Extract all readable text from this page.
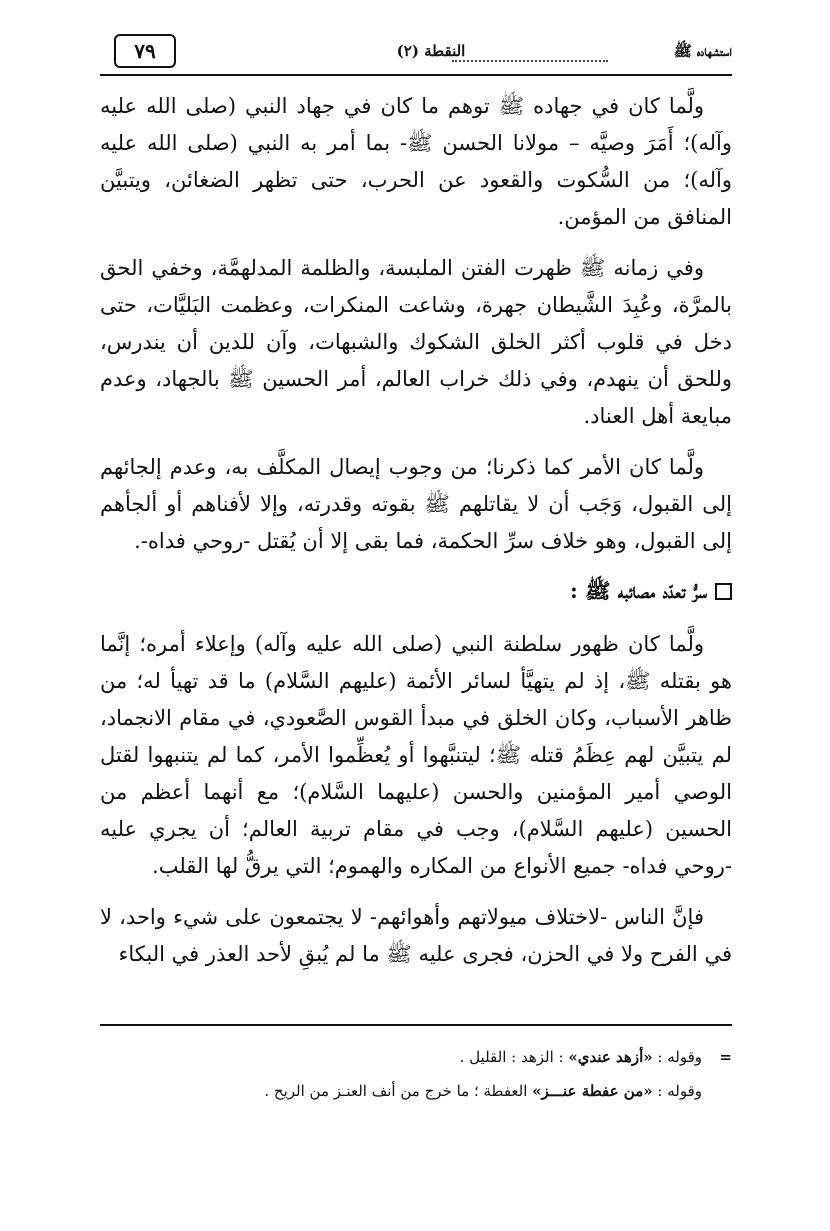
استشهاده ﷺ
النقطة (٢)
٧٩

ولَّما كان في جهاده ﷺ توهم ما كان في جهاد النبي (صلى الله عليه وآله)؛ أَمَرَ وصيَّه – مولانا الحسن ﷺ- بما أمر به النبي (صلى الله عليه وآله)؛ من السُّكوت والقعود عن الحرب، حتى تظهر الضغائن، ويتبيَّن المنافق من المؤمن.

وفي زمانه ﷺ ظهرت الفتن الملبسة، والظلمة المدلهمَّة، وخفي الحق بالمرَّة، وعُبِدَ الشَّيطان جهرة، وشاعت المنكرات، وعظمت البَليَّات، حتى دخل في قلوب أكثر الخلق الشكوك والشبهات، وآن للدين أن يندرس، وللحق أن ينهدم، وفي ذلك خراب العالم، أمر الحسين ﷺ بالجهاد، وعدم مبايعة أهل العناد.

ولَّما كان الأمر كما ذكرنا؛ من وجوب إيصال المكلَّف به، وعدم إلجائهم إلى القبول، وَجَب أن لا يقاتلهم ﷺ بقوته وقدرته، وإلا لأفناهم أو ألجأهم إلى القبول، وهو خلاف سرِّ الحكمة، فما بقى إلا أن يُقتل -روحي فداه-.

سرُّ تعدّد مصائبه ﷺ :

ولَّما كان ظهور سلطنة النبي (صلى الله عليه وآله) وإعلاء أمره؛ إنَّما هو بقتله ﷺ، إذ لم يتهيَّأ لسائر الأئمة (عليهم السَّلام) ما قد تهيأ له؛ من ظاهر الأسباب، وكان الخلق في مبدأ القوس الصَّعودي، في مقام الانجماد، لم يتبيَّن لهم عِظَمُ قتله ﷺ؛ ليتنبَّهوا أو يُعظِّموا الأمر، كما لم يتنبهوا لقتل الوصي أمير المؤمنين والحسن (عليهما السَّلام)؛ مع أنهما أعظم من الحسين (عليهم السَّلام)، وجب في مقام تربية العالم؛ أن يجري عليه -روحي فداه- جميع الأنواع من المكاره والهموم؛ التي يرقُّ لها القلب.

فإنَّ الناس -لاختلاف ميولاتهم وأهوائهم- لا يجتمعون على شيء واحد، لا في الفرح ولا في الحزن، فجرى عليه ﷺ ما لم يُبقِ لأحد العذر في البكاء

=وقوله : «أزهد عندي» : الزهد : القليل .
وقوله : «من عفطة عنـــز» العفطة ؛ ما خرج من أنف العنـز من الريح .
